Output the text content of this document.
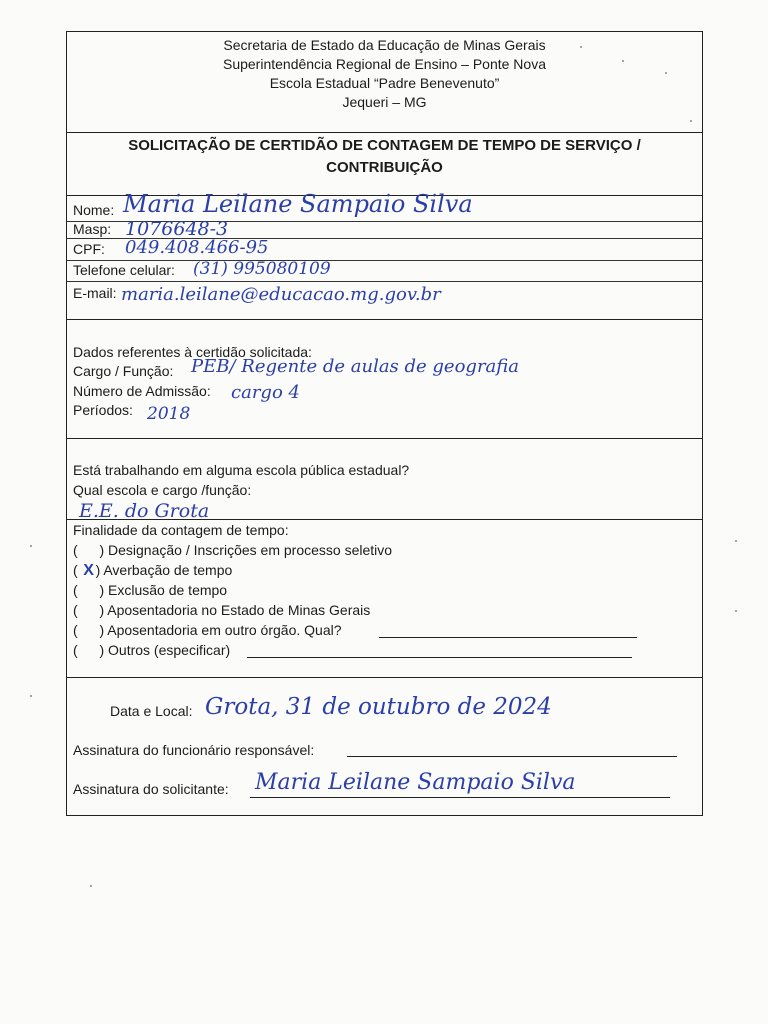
Secretaria de Estado da Educação de Minas Gerais
Superintendência Regional de Ensino – Ponte Nova
Escola Estadual “Padre Benevenuto”
Jequeri – MG
SOLICITAÇÃO DE CERTIDÃO DE CONTAGEM DE TEMPO DE SERVIÇO /
CONTRIBUIÇÃO
Nome: Maria Leilane Sampaio Silva
Masp: 1076648-3
CPF: 049.408.466-95
Telefone celular: (31) 995080109
E-mail: maria.leilane@educacao.mg.gov.br
Dados referentes à certidão solicitada:
Cargo / Função: PEB/ Regente de aulas de geografia
Número de Admissão: cargo 4
Períodos: 2018
Está trabalhando em alguma escola pública estadual?
Qual escola e cargo /função:
E.E. do Grota
Finalidade da contagem de tempo:
(  ) Designação / Inscrições em processo seletivo
( X ) Averbação de tempo
(  ) Exclusão de tempo
(  ) Aposentadoria no Estado de Minas Gerais
(  ) Aposentadoria em outro órgão. Qual?
(  ) Outros (especificar)
Data e Local: Grota, 31 de outubro de 2024
Assinatura do funcionário responsável:
Assinatura do solicitante: Maria Leilane Sampaio Silva
